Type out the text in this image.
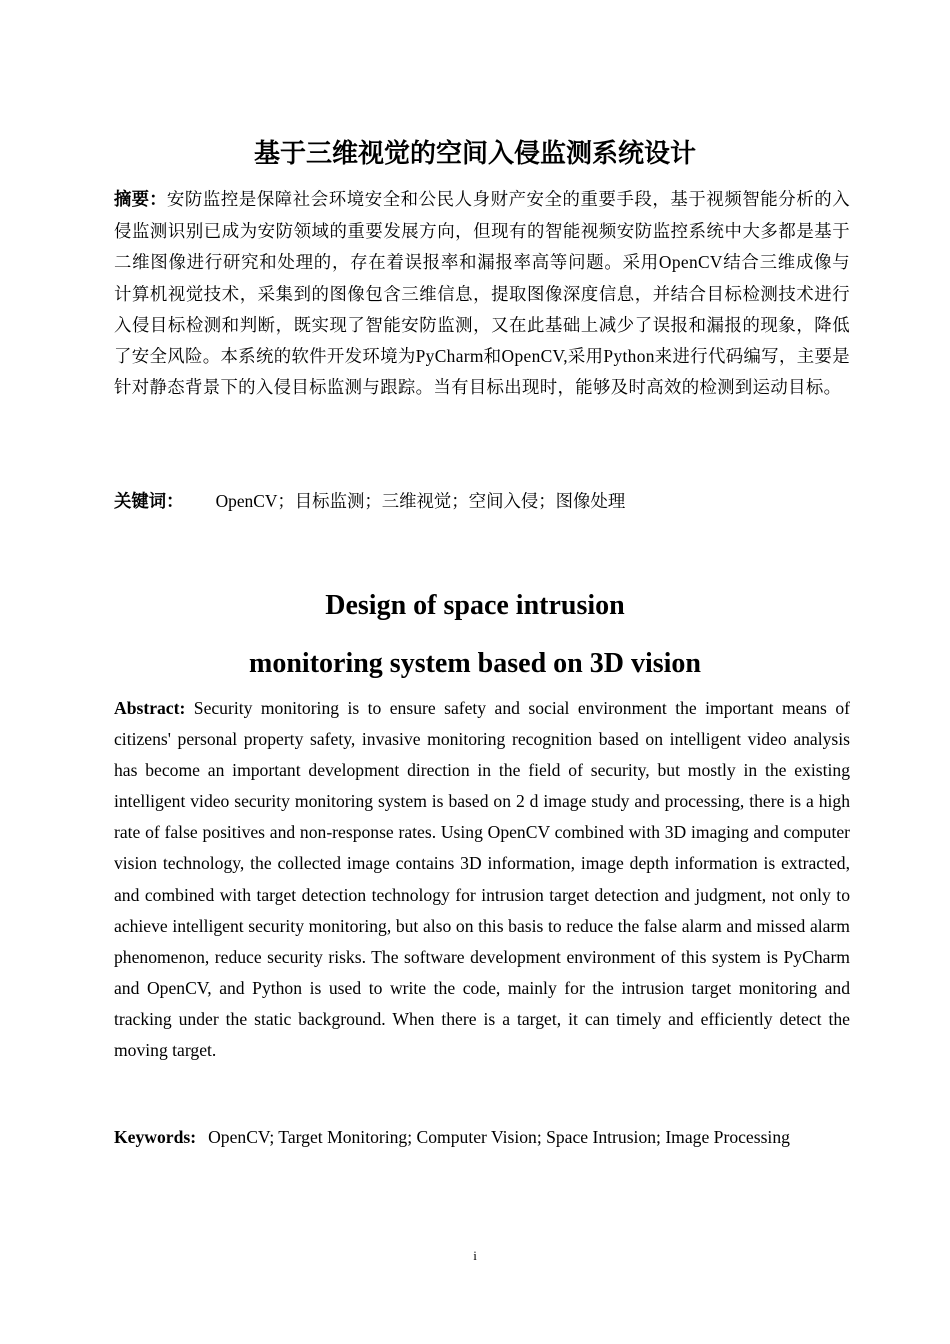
基于三维视觉的空间入侵监测系统设计
摘要：安防监控是保障社会环境安全和公民人身财产安全的重要手段，基于视频智能分析的入侵监测识别已成为安防领域的重要发展方向，但现有的智能视频安防监控系统中大多都是基于二维图像进行研究和处理的，存在着误报率和漏报率高等问题。采用OpenCV结合三维成像与计算机视觉技术，采集到的图像包含三维信息，提取图像深度信息，并结合目标检测技术进行入侵目标检测和判断，既实现了智能安防监测，又在此基础上减少了误报和漏报的现象，降低了安全风险。本系统的软件开发环境为PyCharm和OpenCV,采用Python来进行代码编写，主要是针对静态背景下的入侵目标监测与跟踪。当有目标出现时，能够及时高效的检测到运动目标。
关键词： OpenCV；目标监测；三维视觉；空间入侵；图像处理
Design of space intrusion
monitoring system based on 3D vision
Abstract: Security monitoring is to ensure safety and social environment the important means of citizens' personal property safety, invasive monitoring recognition based on intelligent video analysis has become an important development direction in the field of security, but mostly in the existing intelligent video security monitoring system is based on 2 d image study and processing, there is a high rate of false positives and non-response rates. Using OpenCV combined with 3D imaging and computer vision technology, the collected image contains 3D information, image depth information is extracted, and combined with target detection technology for intrusion target detection and judgment, not only to achieve intelligent security monitoring, but also on this basis to reduce the false alarm and missed alarm phenomenon, reduce security risks. The software development environment of this system is PyCharm and OpenCV, and Python is used to write the code, mainly for the intrusion target monitoring and tracking under the static background. When there is a target, it can timely and efficiently detect the moving target.
Keywords: OpenCV; Target Monitoring; Computer Vision; Space Intrusion; Image Processing
i
